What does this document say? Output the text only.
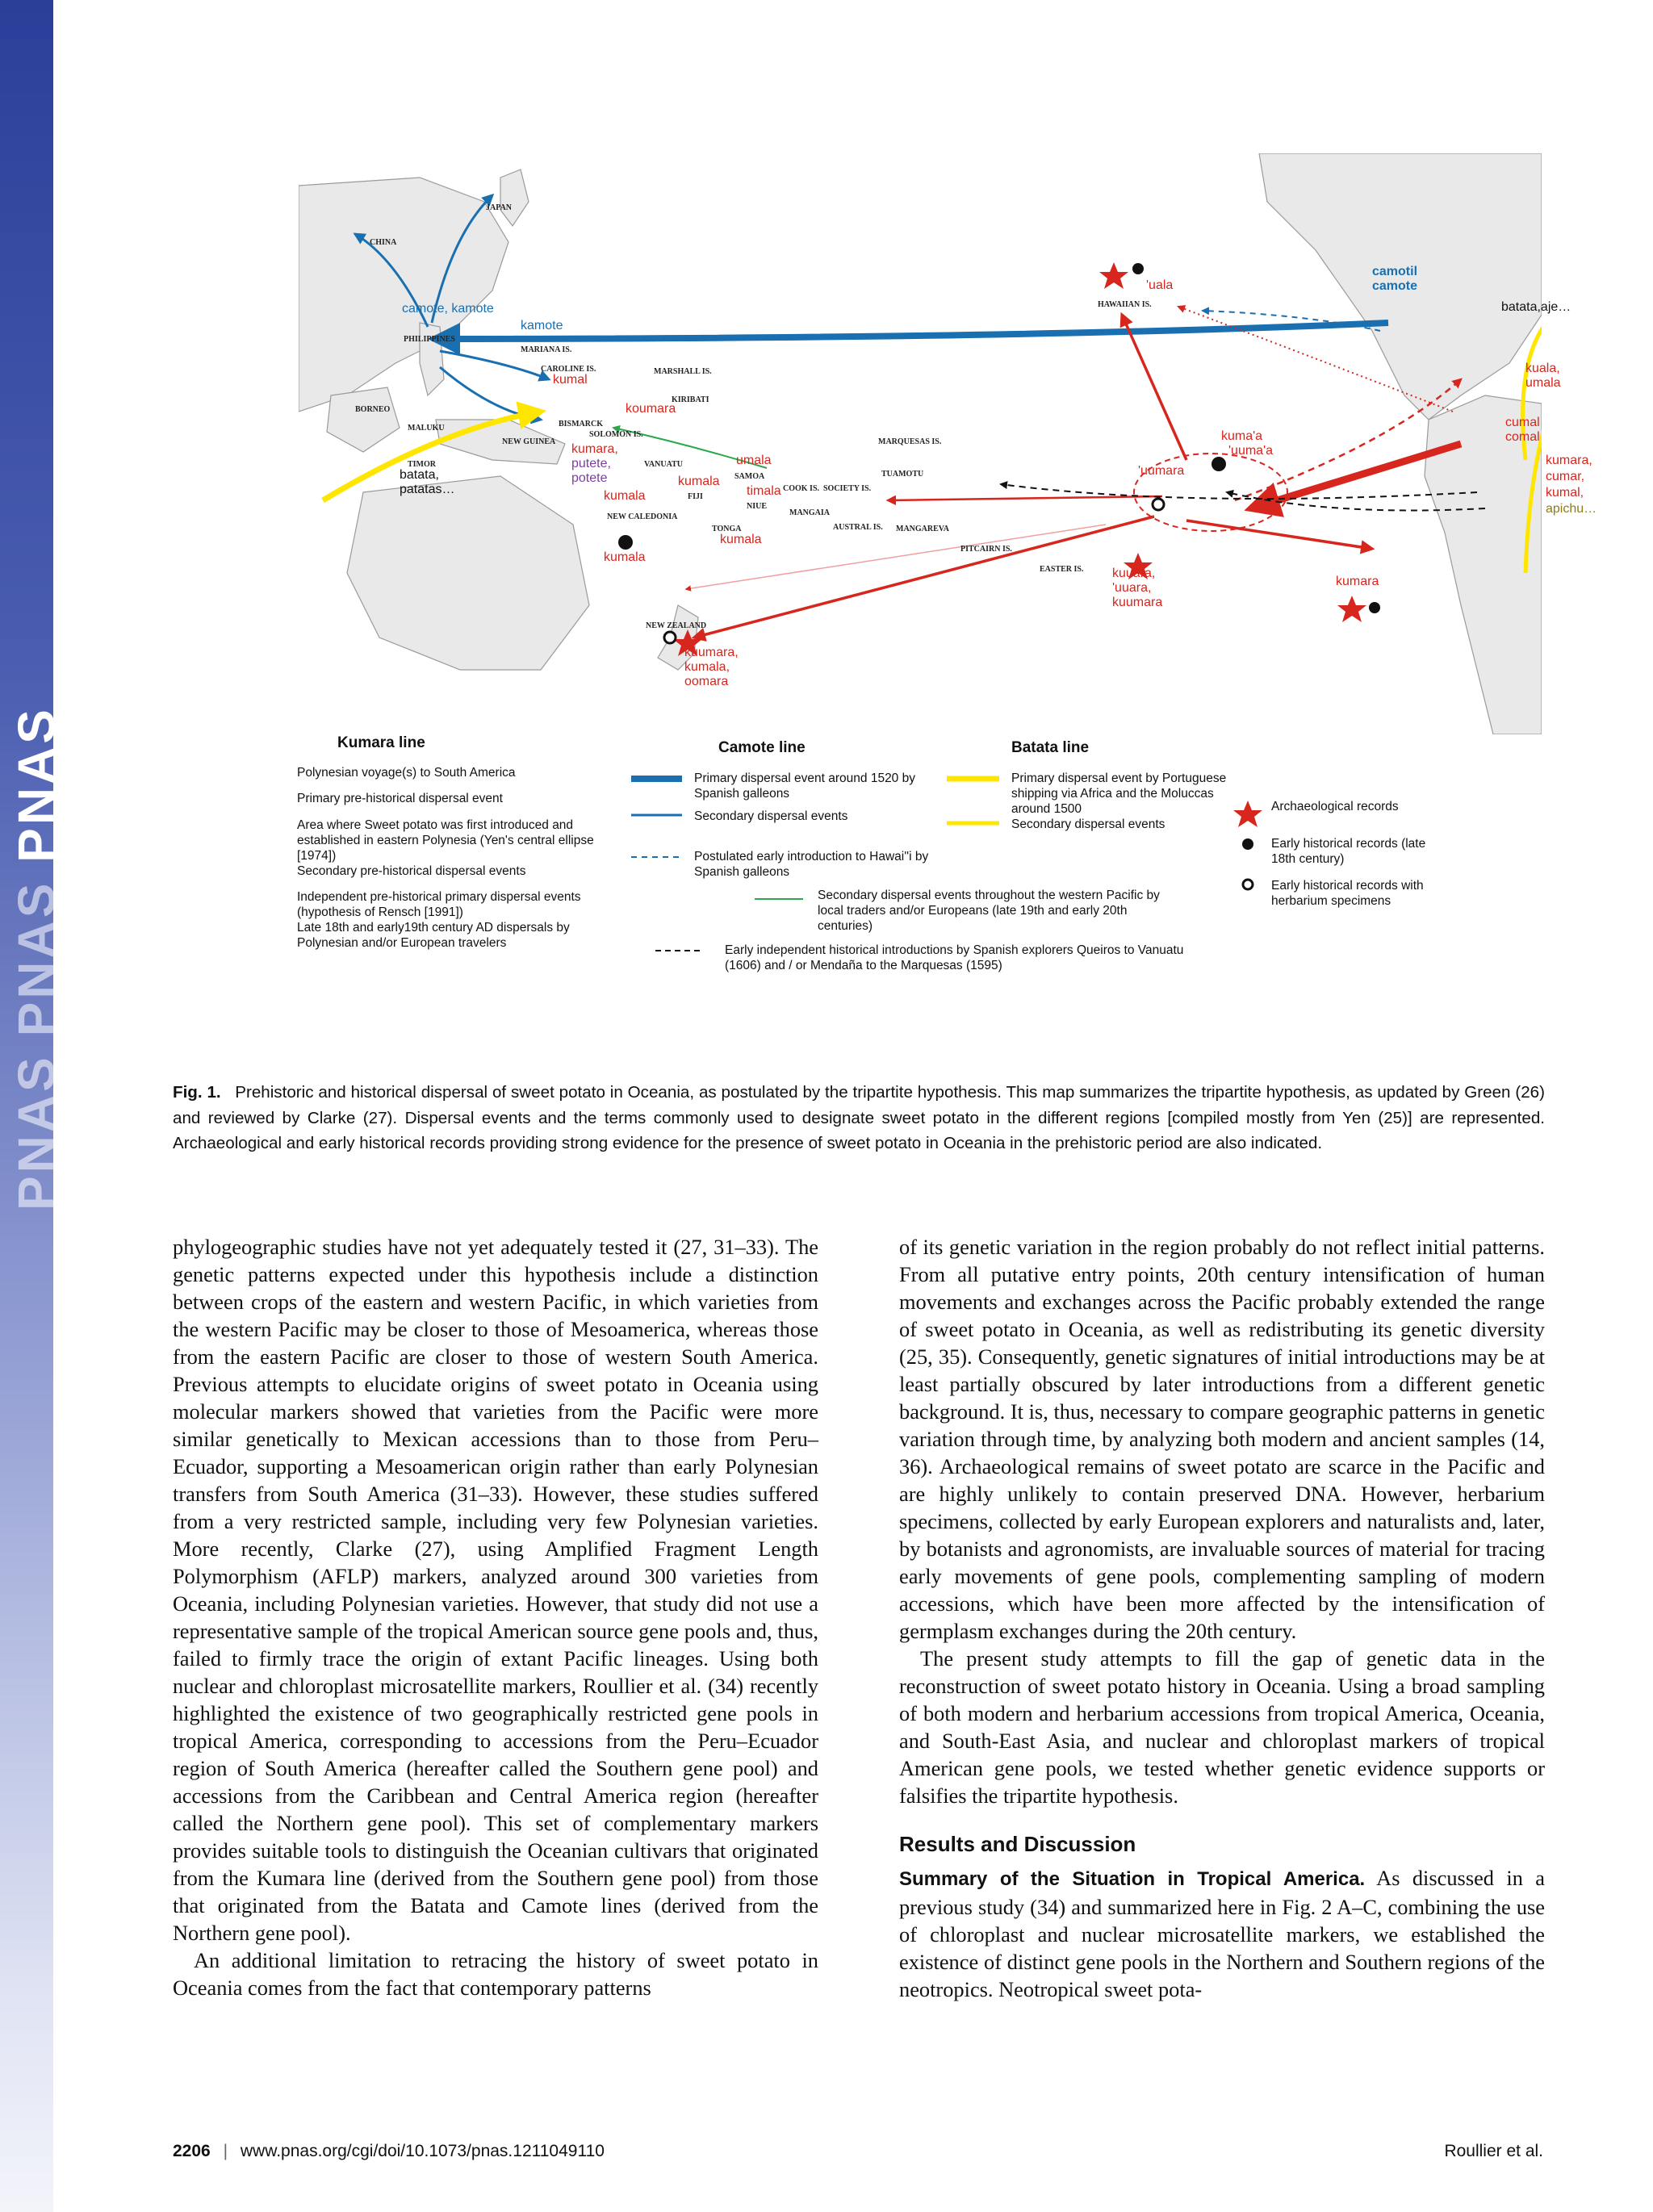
PNAS PNAS PNAS
CHINA
JAPAN
PHILIPPINES
MARIANA IS.
CAROLINE IS.	MARSHALL IS.
KIRIBATI
BORNEO
MALUKU
TIMOR
NEW GUINEA
BISMARCK
SOLOMON IS.
VANUATU
FIJI
SAMOA
NIUE
TONGA
NEW CALEDONIA
NEW ZEALAND
HAWAIIAN IS.
COOK IS. SOCIETY IS.
TUAMOTU
MARQUESAS IS.
MANGAIA
AUSTRAL IS. MANGAREVA
PITCAIRN IS.
EASTER IS.
camote, kamote
kamote
kumal
koumara
batata,
patatas…
kumara,
putete,
potete
kumala
kumala
umala
timala
kumala
kumala
'uala
'uumara
kuma'a
'uuma'a
kuuara,
'uuara,
kuumara
kumara
kuumara,
kumala,
oomara
camotil
camote
batata,aje…
kuala,
umala
cumal
comal
kumara,
cumar,
kumal,
apichu…
Kumara line	Camote line	Batata line
Polynesian voyage(s) to South America
Primary pre-historical dispersal event
Area where Sweet potato was first introduced and established in eastern Polynesia (Yen's central ellipse [1974])
Secondary pre-historical dispersal events
Independent pre-historical primary dispersal events (hypothesis of Rensch [1991])
Late 18th and early19th century AD dispersals by Polynesian and/or European travelers
Primary dispersal event around 1520 by Spanish galleons
Secondary dispersal events
Postulated early introduction to Hawai''i by Spanish galleons
Secondary dispersal events throughout the western Pacific by local traders and/or Europeans (late 19th and early 20th centuries)
Primary dispersal event by Portuguese shipping via Africa and the Moluccas around 1500
Secondary dispersal events
Archaeological records
Early historical records (late 18th century)
Early historical records with herbarium specimens
Early independent historical introductions by Spanish explorers Queiros to Vanuatu (1606) and / or Mendaña to the Marquesas (1595)
Fig. 1. Prehistoric and historical dispersal of sweet potato in Oceania, as postulated by the tripartite hypothesis. This map summarizes the tripartite hypothesis, as updated by Green (26) and reviewed by Clarke (27). Dispersal events and the terms commonly used to designate sweet potato in the different regions [compiled mostly from Yen (25)] are represented. Archaeological and early historical records providing strong evidence for the presence of sweet potato in Oceania in the prehistoric period are also indicated.

phylogeographic studies have not yet adequately tested it (27, 31–33). The genetic patterns expected under this hypothesis include a distinction between crops of the eastern and western Pacific, in which varieties from the western Pacific may be closer to those of Mesoamerica, whereas those from the eastern Pacific are closer to those of western South America. Previous attempts to elucidate origins of sweet potato in Oceania using molecular markers showed that varieties from the Pacific were more similar genetically to Mexican accessions than to those from Peru–Ecuador, supporting a Mesoamerican origin rather than early Polynesian transfers from South America (31–33). However, these studies suffered from a very restricted sample, including very few Polynesian varieties. More recently, Clarke (27), using Amplified Fragment Length Polymorphism (AFLP) markers, analyzed around 300 varieties from Oceania, including Polynesian varieties. However, that study did not use a representative sample of the tropical American source gene pools and, thus, failed to firmly trace the origin of extant Pacific lineages. Using both nuclear and chloroplast microsatellite markers, Roullier et al. (34) recently highlighted the existence of two geographically restricted gene pools in tropical America, corresponding to accessions from the Peru–Ecuador region of South America (hereafter called the Southern gene pool) and accessions from the Caribbean and Central America region (hereafter called the Northern gene pool). This set of complementary markers provides suitable tools to distinguish the Oceanian cultivars that originated from the Kumara line (derived from the Southern gene pool) from those that originated from the Batata and Camote lines (derived from the Northern gene pool).

An additional limitation to retracing the history of sweet potato in Oceania comes from the fact that contemporary patterns

of its genetic variation in the region probably do not reflect initial patterns. From all putative entry points, 20th century intensification of human movements and exchanges across the Pacific probably extended the range of sweet potato in Oceania, as well as redistributing its genetic diversity (25, 35). Consequently, genetic signatures of initial introductions may be at least partially obscured by later introductions from a different genetic background. It is, thus, necessary to compare geographic patterns in genetic variation through time, by analyzing both modern and ancient samples (14, 36). Archaeological remains of sweet potato are scarce in the Pacific and are highly unlikely to contain preserved DNA. However, herbarium specimens, collected by early European explorers and naturalists and, later, by botanists and agronomists, are invaluable sources of material for tracing early movements of gene pools, complementing sampling of modern accessions, which have been more affected by the intensification of germplasm exchanges during the 20th century.

The present study attempts to fill the gap of genetic data in the reconstruction of sweet potato history in Oceania. Using a broad sampling of both modern and herbarium accessions from tropical America, Oceania, and South-East Asia, and nuclear and chloroplast markers of tropical American gene pools, we tested whether genetic evidence supports or falsifies the tripartite hypothesis.

Results and Discussion

Summary of the Situation in Tropical America. As discussed in a previous study (34) and summarized here in Fig. 2 A–C, combining the use of chloroplast and nuclear microsatellite markers, we established the existence of distinct gene pools in the Northern and Southern regions of the neotropics. Neotropical sweet pota-

2206 | www.pnas.org/cgi/doi/10.1073/pnas.1211049110	Roullier et al.
